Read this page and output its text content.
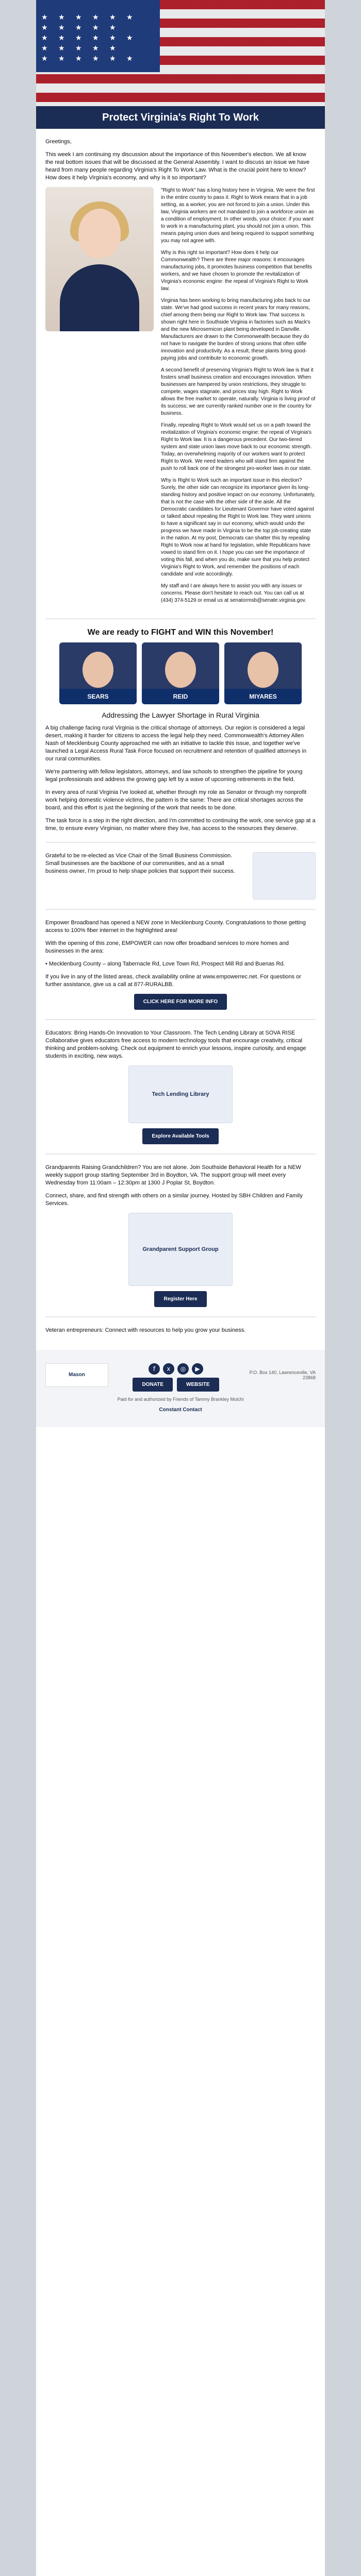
★ ★ ★ ★ ★ ★
★ ★ ★ ★ ★
★ ★ ★ ★ ★ ★
★ ★ ★ ★ ★
★ ★ ★ ★ ★ ★
Protect Virginia's Right To Work

Greetings,

This week I am continuing my discussion about the importance of this November's election. We all know the real bottom issues that will be discussed at the General Assembly. I want to discuss an issue we have heard from many people regarding Virginia's Right To Work Law. What is the crucial point here to know? How does it help Virginia's economy, and why is it so important?

"Right to Work" has a long history here in Virginia. We were the first in the entire country to pass it. Right to Work means that in a job setting, as a worker, you are not forced to join a union. Under this law, Virginia workers are not mandated to join a workforce union as a condition of employment. In other words, your choice: if you want to work in a manufacturing plant, you should not join a union. This means paying union dues and being required to support something you may not agree with.

Why is this right so important? How does it help our Commonwealth? There are three major reasons: it encourages manufacturing jobs, it promotes business competition that benefits workers, and we have chosen to promote the revitalization of Virginia's economic engine: the repeal of Virginia's Right to Work law.

Virginia has been working to bring manufacturing jobs back to our state. We've had good success in recent years for many reasons, chief among them being our Right to Work law. That success is shown right here in Southside Virginia in factories such as Mack's and the new Microsemicon plant being developed in Danville. Manufacturers are drawn to the Commonwealth because they do not have to navigate the burden of strong unions that often stifle innovation and productivity. As a result, these plants bring good-paying jobs and contribute to economic growth.

A second benefit of preserving Virginia's Right to Work law is that it fosters small business creation and encourages innovation. When businesses are hampered by union restrictions, they struggle to compete, wages stagnate, and prices stay high. Right to Work allows the free market to operate, naturally. Virginia is living proof of its success; we are currently ranked number one in the country for business.

Finally, repealing Right to Work would set us on a path toward the revitalization of Virginia's economic engine: the repeal of Virginia's Right to Work law. It is a dangerous precedent. Our two-tiered system and state union laws move back to our economic strength. Today, an overwhelming majority of our workers want to protect Right to Work. We need leaders who will stand firm against the push to roll back one of the strongest pro-worker laws in our state.

Why is Right to Work such an important issue in this election? Surely, the other side can recognize its importance given its long-standing history and positive impact on our economy. Unfortunately, that is not the case with the other side of the aisle. All the Democratic candidates for Lieutenant Governor have voted against or talked about repealing the Right to Work law. They want unions to have a significant say in our economy, which would undo the progress we have made in Virginia to be the top job-creating state in the nation. At my post, Democrats can shatter this by repealing Right to Work now at hand for legislation, while Republicans have vowed to stand firm on it. I hope you can see the importance of voting this fall, and when you do, make sure that you help protect Virginia's Right to Work, and remember the positions of each candidate and vote accordingly.

My staff and I are always here to assist you with any issues or concerns. Please don't hesitate to reach out. You can call us at (434) 374-5129 or email us at senatormsb@senate.virginia.gov.

We are ready to FIGHT and WIN this November!
SEARS	REID	MIYARES
Addressing the Lawyer Shortage in Rural Virginia

A big challenge facing rural Virginia is the critical shortage of attorneys. Our region is considered a legal desert, making it harder for citizens to access the legal help they need. Commonwealth's Attorney Allen Nash of Mecklenburg County approached me with an initiative to tackle this issue, and together we've launched a Legal Access Rural Task Force focused on recruitment and retention of qualified attorneys in our rural communities.

We're partnering with fellow legislators, attorneys, and law schools to strengthen the pipeline for young legal professionals and address the growing gap left by a wave of upcoming retirements in the field.

In every area of rural Virginia I've looked at, whether through my role as Senator or through my nonprofit work helping domestic violence victims, the pattern is the same: There are critical shortages across the board, and this effort is just the beginning of the work that needs to be done.

The task force is a step in the right direction, and I'm committed to continuing the work, one service gap at a time, to ensure every Virginian, no matter where they live, has access to the resources they deserve.

Grateful to be re-elected as Vice Chair of the Small Business Commission. Small businesses are the backbone of our communities, and as a small business owner, I'm proud to help shape policies that support their success.

Empower Broadband has opened a NEW zone in Mecklenburg County. Congratulations to those getting access to 100% fiber internet in the highlighted area!

With the opening of this zone, EMPOWER can now offer broadband services to more homes and businesses in the area:

• Mecklenburg County – along Tabernacle Rd, Love Town Rd, Prospect Mill Rd and Buenas Rd.

If you live in any of the listed areas, check availability online at www.empowerrec.net. For questions or further assistance, give us a call at 877-RURALBB.

CLICK HERE FOR MORE INFO

Educators: Bring Hands-On Innovation to Your Classroom. The Tech Lending Library at SOVA RISE Collaborative gives educators free access to modern technology tools that encourage creativity, critical thinking and problem-solving. Check out equipment to enrich your lessons, inspire curiosity, and engage students in exciting, new ways.

Tech Lending Library
Explore Available Tools

Grandparents Raising Grandchildren? You are not alone. Join Southside Behavioral Health for a NEW weekly support group starting September 3rd in Boydton, VA. The support group will meet every Wednesday from 11:00am – 12:30pm at 1300 J Poplar St, Boydton.

Connect, share, and find strength with others on a similar journey. Hosted by SBH Children and Family Services.

Grandparent Support Group
Register Here

Veteran entrepreneurs: Connect with resources to help you grow your business.

Mason
f	x	◎	▶
DONATE	WEBSITE
P.O. Box 140, Lawrenceville, VA 23868
Paid for and authorized by Friends of Tammy Brankley Mulchi
Constant Contact
